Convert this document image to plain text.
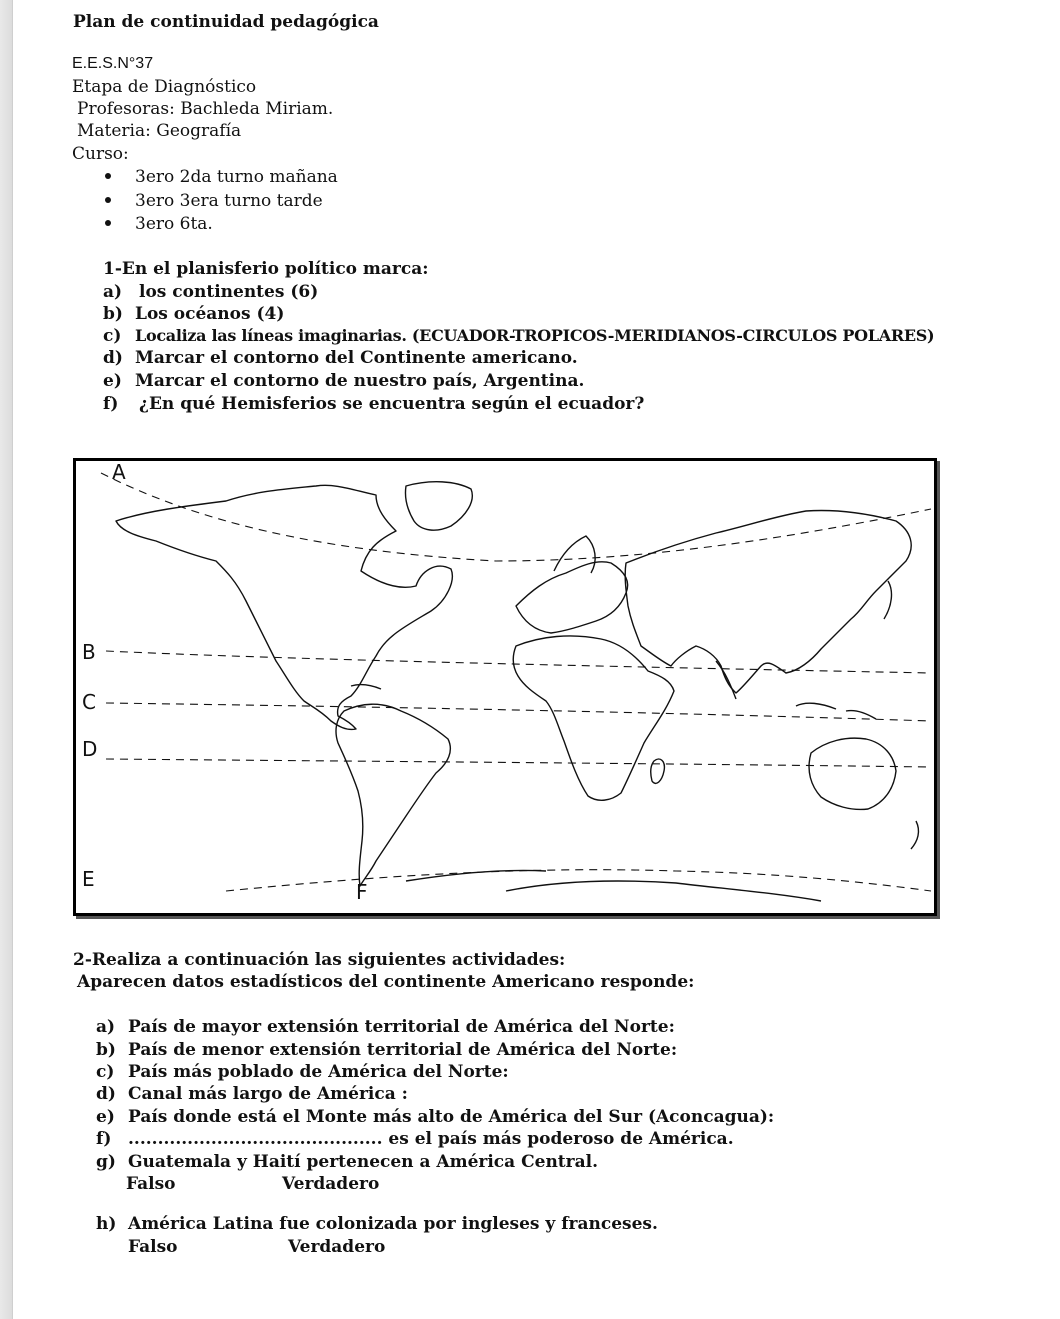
Plan de continuidad pedagógica
E.E.S.N°37
Etapa de Diagnóstico
Profesoras: Bachleda Miriam.
Materia: Geografía
Curso:
3ero 2da turno mañana
3ero 3era turno tarde
3ero 6ta.
1-En el planisferio político marca:
a) los continentes (6)
b) Los océanos (4)
c) Localiza las líneas imaginarias. (ECUADOR-TROPICOS-MERIDIANOS-CIRCULOS POLARES)
d) Marcar el contorno del Continente americano.
e) Marcar el contorno de nuestro país, Argentina.
f) ¿En qué Hemisferios se encuentra según el ecuador?
A
B
C
D
E
F
2-Realiza a continuación las siguientes actividades:
Aparecen datos estadísticos del continente Americano responde:
a) País de mayor extensión territorial de América del Norte:
b) País de menor extensión territorial de América del Norte:
c) País más poblado de América del Norte:
d) Canal más largo de América :
e) País donde está el Monte más alto de América del Sur (Aconcagua):
f) ........................................... es el país más poderoso de América.
g) Guatemala y Haití pertenecen a América Central.
Falso	Verdadero
h) América Latina fue colonizada por ingleses y franceses.
Falso	Verdadero
